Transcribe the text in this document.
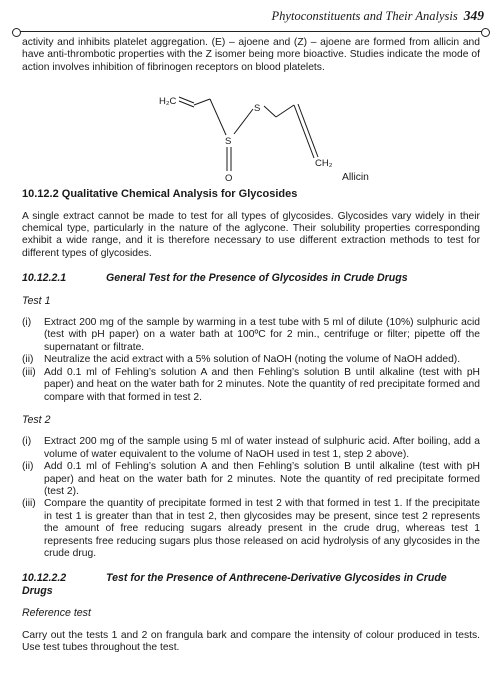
Phytoconstituents and Their Analysis 349

activity and inhibits platelet aggregation. (E) – ajoene and (Z) – ajoene are formed from allicin and have anti-thrombotic properties with the Z isomer being more bioactive. Studies indicate the mode of action involves inhibition of fibrinogen receptors on blood platelets.

H₂C
S
S
O
CH₂
Allicin
10.12.2 Qualitative Chemical Analysis for Glycosides

A single extract cannot be made to test for all types of glycosides. Glycosides vary widely in their chemical type, particularly in the nature of the aglycone. Their solubility properties corresponding exhibit a wide range, and it is therefore necessary to use different extraction methods to test for different types of glycosides.

10.12.2.1	General Test for the Presence of Glycosides in Crude Drugs
Test 1
(i) Extract 200 mg of the sample by warming in a test tube with 5 ml of dilute (10%) sulphuric acid (test with pH paper) on a water bath at 100ºC for 2 min., centrifuge or filter; pipette off the supernatant or filtrate.
(ii) Neutralize the acid extract with a 5% solution of NaOH (noting the volume of NaOH added).
(iii) Add 0.1 ml of Fehling’s solution A and then Fehling’s solution B until alkaline (test with pH paper) and heat on the water bath for 2 minutes. Note the quantity of red precipitate formed and compare with that formed in test 2.
Test 2
(i) Extract 200 mg of the sample using 5 ml of water instead of sulphuric acid. After boiling, add a volume of water equivalent to the volume of NaOH used in test 1, step 2 above).
(ii) Add 0.1 ml of Fehling’s solution A and then Fehling’s solution B until alkaline (test with pH paper) and heat on the water bath for 2 minutes. Note the quantity of red precipitate formed (test 2).
(iii) Compare the quantity of precipitate formed in test 2 with that formed in test 1. If the precipitate in test 1 is greater than that in test 2, then glycosides may be present, since test 2 represents the amount of free reducing sugars already present in the crude drug, whereas test 1 represents free reducing sugars plus those released on acid hydrolysis of any glycosides in the crude drug.
10.12.2.2	Test for the Presence of Anthrecene-Derivative Glycosides in Crude Drugs
Reference test

Carry out the tests 1 and 2 on frangula bark and compare the intensity of colour produced in tests. Use test tubes throughout the test.
